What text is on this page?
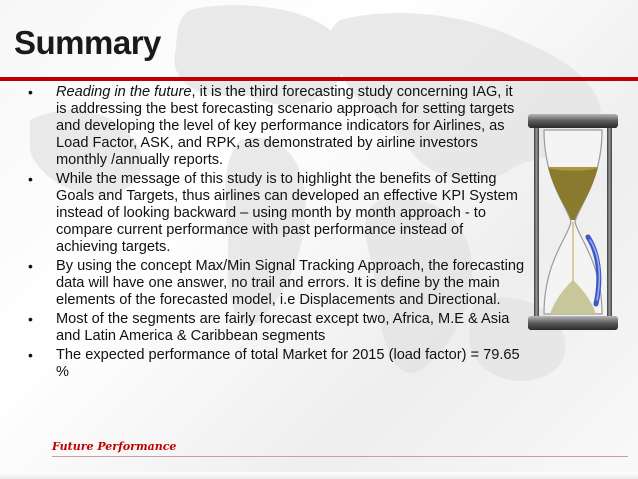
Summary
• Reading in the future, it is the third forecasting study concerning IAG, it is addressing the best forecasting scenario approach for setting targets and developing the level of key performance indicators for Airlines, as Load Factor, ASK, and RPK, as demonstrated by airline investors monthly /annually reports.
• While the message of this study is to highlight the benefits of Setting Goals and Targets, thus airlines can developed an effective KPI System instead of looking backward – using month by month approach - to compare current performance with past performance instead of achieving targets.
• By using the concept Max/Min Signal Tracking Approach, the forecasting data will have one answer, no trail and errors. It is define by the main elements of the forecasted model, i.e Displacements and Directional.
• Most of the segments are fairly forecast except two, Africa, M.E & Asia and Latin America & Caribbean segments
• The expected performance of total Market for 2015 (load factor) = 79.65 %
Future Performance
